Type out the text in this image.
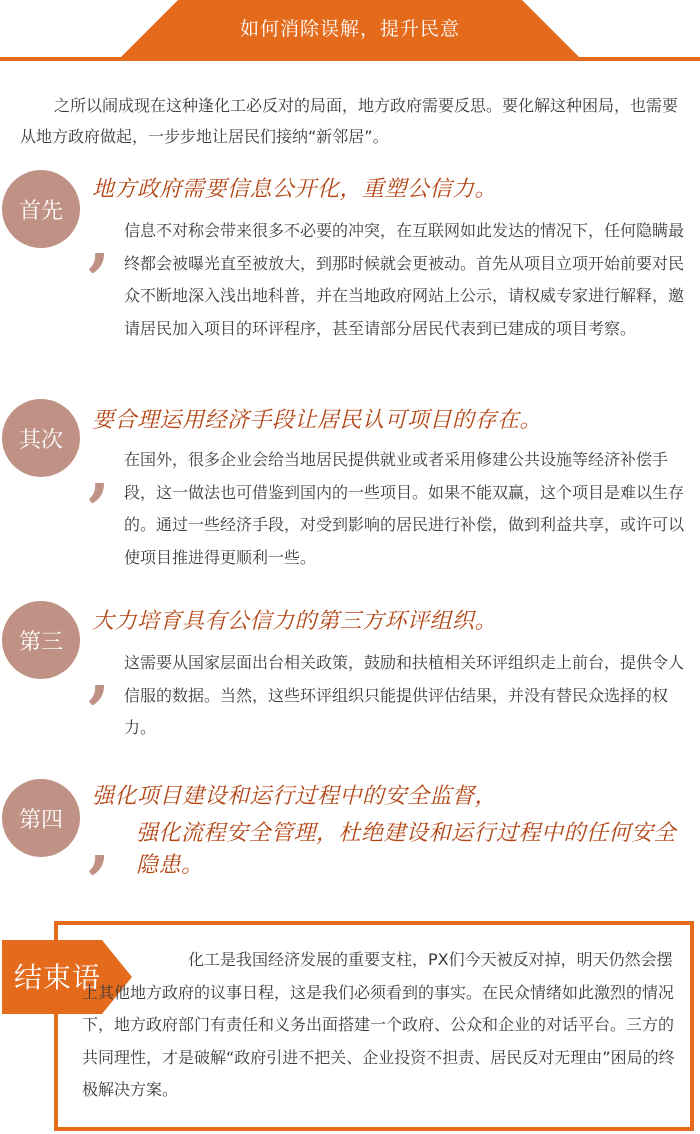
如何消除误解，提升民意
之所以闹成现在这种逢化工必反对的局面，地方政府需要反思。要化解这种困局，也需要从地方政府做起，一步步地让居民们接纳“新邻居”。
首先
地方政府需要信息公开化，重塑公信力。
, 信息不对称会带来很多不必要的冲突，在互联网如此发达的情况下，任何隐瞒最终都会被曝光直至被放大，到那时候就会更被动。首先从项目立项开始前要对民众不断地深入浅出地科普，并在当地政府网站上公示，请权威专家进行解释，邀请居民加入项目的环评程序，甚至请部分居民代表到已建成的项目考察。
其次
要合理运用经济手段让居民认可项目的存在。
, 在国外，很多企业会给当地居民提供就业或者采用修建公共设施等经济补偿手段，这一做法也可借鉴到国内的一些项目。如果不能双赢，这个项目是难以生存的。通过一些经济手段，对受到影响的居民进行补偿，做到利益共享，或许可以使项目推进得更顺利一些。
第三
大力培育具有公信力的第三方环评组织。
, 这需要从国家层面出台相关政策，鼓励和扶植相关环评组织走上前台，提供令人信服的数据。当然，这些环评组织只能提供评估结果，并没有替民众选择的权力。
第四
强化项目建设和运行过程中的安全监督，
, 强化流程安全管理，杜绝建设和运行过程中的任何安全隐患。
结束语
化工是我国经济发展的重要支柱，PX们今天被反对掉，明天仍然会摆上其他地方政府的议事日程，这是我们必须看到的事实。在民众情绪如此激烈的情况下，地方政府部门有责任和义务出面搭建一个政府、公众和企业的对话平台。三方的共同理性，才是破解“政府引进不把关、企业投资不担责、居民反对无理由”困局的终极解决方案。
